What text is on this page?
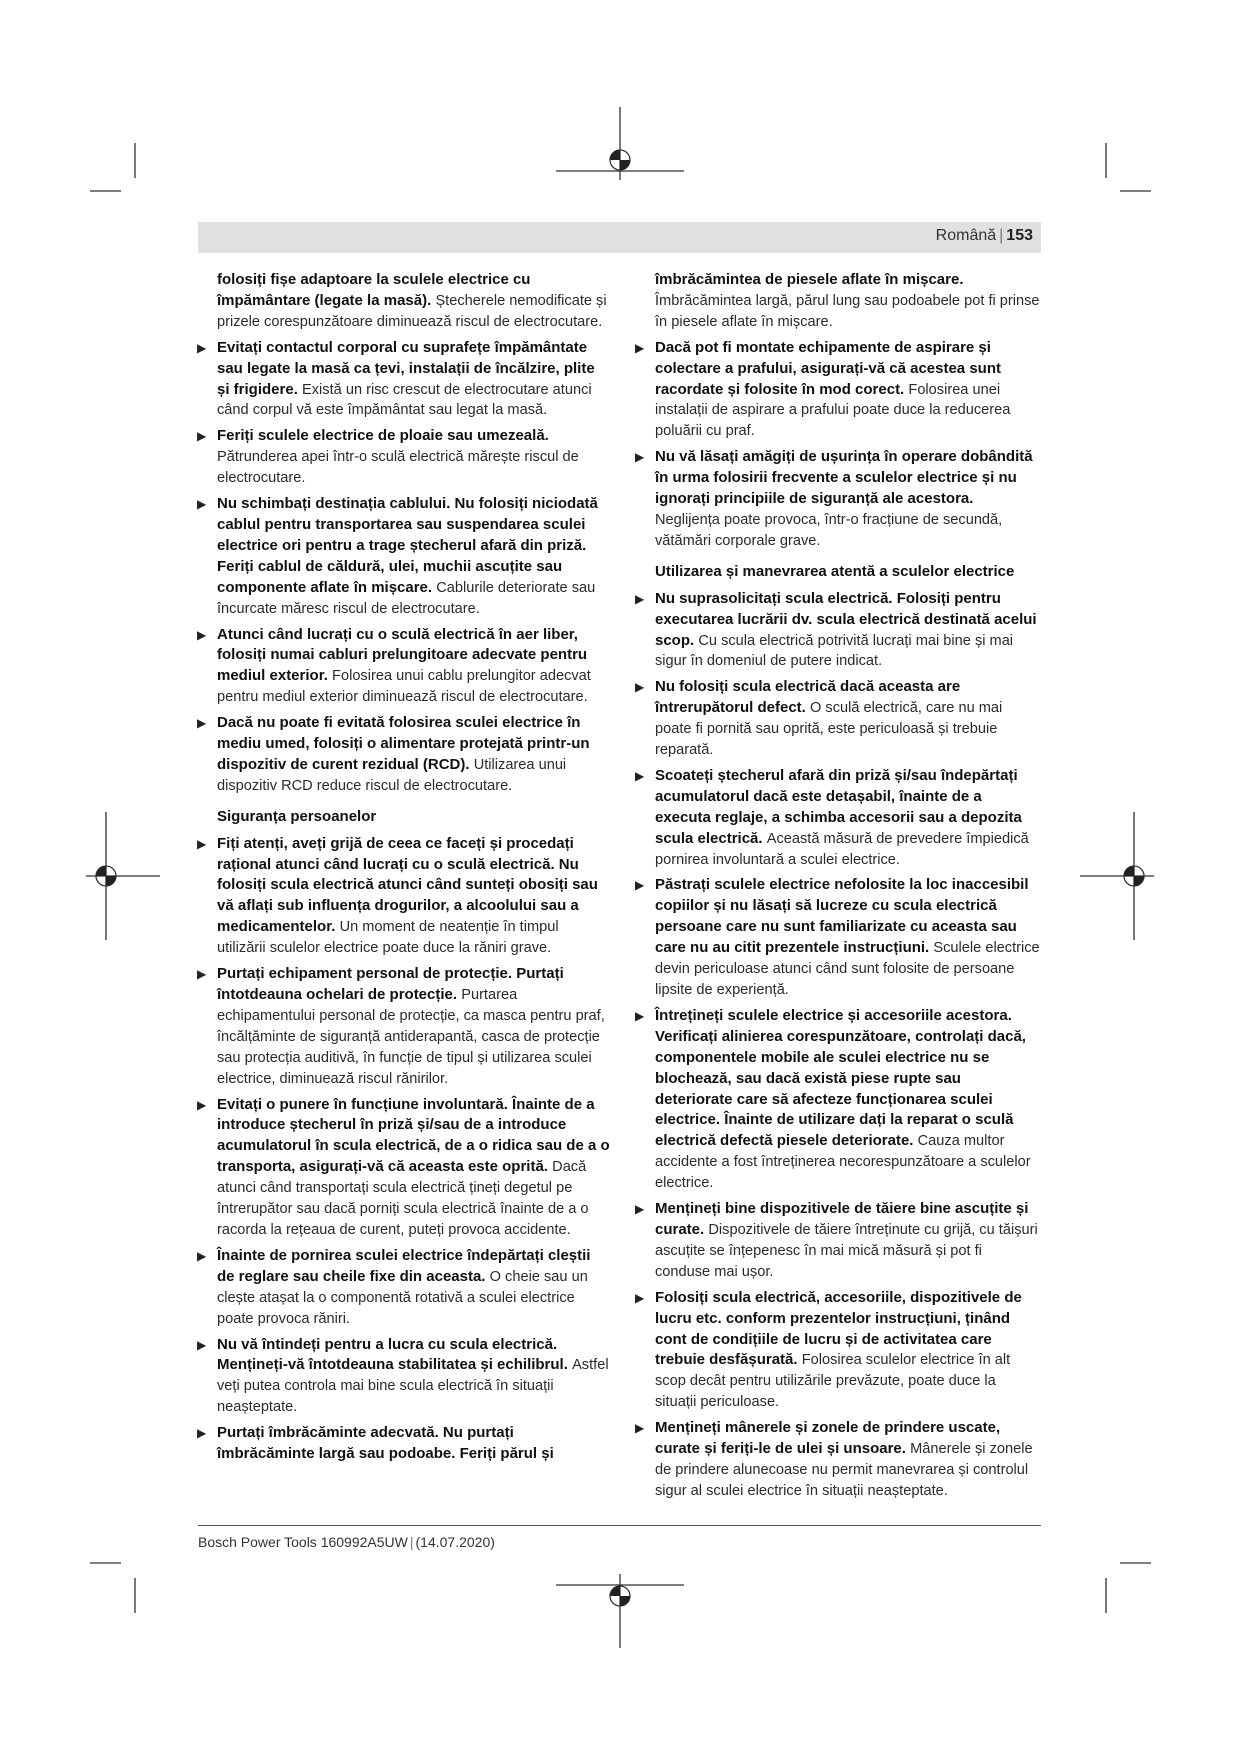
Română | 153
folosiți fișe adaptoare la sculele electrice cu împământare (legate la masă). Ștecherele nemodificate și prizele corespunzătoare diminuează riscul de electrocutare.
▶ Evitați contactul corporal cu suprafețe împământate sau legate la masă ca țevi, instalații de încălzire, plite și frigidere. Există un risc crescut de electrocutare atunci când corpul vă este împământat sau legat la masă.
▶ Feriți sculele electrice de ploaie sau umezeală. Pătrunderea apei într-o sculă electrică mărește riscul de electrocutare.
▶ Nu schimbați destinația cablului. Nu folosiți niciodată cablul pentru transportarea sau suspendarea sculei electrice ori pentru a trage ștecherul afară din priză. Feriți cablul de căldură, ulei, muchii ascuțite sau componente aflate în mișcare. Cablurile deteriorate sau încurcate măresc riscul de electrocutare.
▶ Atunci când lucrați cu o sculă electrică în aer liber, folosiți numai cabluri prelungitoare adecvate pentru mediul exterior. Folosirea unui cablu prelungitor adecvat pentru mediul exterior diminuează riscul de electrocutare.
▶ Dacă nu poate fi evitată folosirea sculei electrice în mediu umed, folosiți o alimentare protejată printr-un dispozitiv de curent rezidual (RCD). Utilizarea unui dispozitiv RCD reduce riscul de electrocutare.
Siguranța persoanelor
▶ Fiți atenți, aveți grijă de ceea ce faceți și procedați rațional atunci când lucrați cu o sculă electrică. Nu folosiți scula electrică atunci când sunteți obosiți sau vă aflați sub influența drogurilor, a alcoolului sau a medicamentelor. Un moment de neatenție în timpul utilizării sculelor electrice poate duce la răniri grave.
▶ Purtați echipament personal de protecție. Purtați întotdeauna ochelari de protecție. Purtarea echipamentului personal de protecție, ca masca pentru praf, încălțăminte de siguranță antiderapantă, casca de protecție sau protecția auditivă, în funcție de tipul și utilizarea sculei electrice, diminuează riscul rănirilor.
▶ Evitați o punere în funcțiune involuntară. Înainte de a introduce ștecherul în priză și/sau de a introduce acumulatorul în scula electrică, de a o ridica sau de a o transporta, asigurați-vă că aceasta este oprită. Dacă atunci când transportați scula electrică țineți degetul pe întrerupător sau dacă porniți scula electrică înainte de a o racorda la rețeaua de curent, puteți provoca accidente.
▶ Înainte de pornirea sculei electrice îndepărtați cleștii de reglare sau cheile fixe din aceasta. O cheie sau un clește atașat la o componentă rotativă a sculei electrice poate provoca răniri.
▶ Nu vă întindeți pentru a lucra cu scula electrică. Mențineți-vă întotdeauna stabilitatea și echilibrul. Astfel veți putea controla mai bine scula electrică în situații neașteptate.
▶ Purtați îmbrăcăminte adecvată. Nu purtați îmbrăcăminte largă sau podoabe. Feriți părul și
îmbrăcămintea de piesele aflate în mișcare. Îmbrăcămintea largă, părul lung sau podoabele pot fi prinse în piesele aflate în mișcare.
▶ Dacă pot fi montate echipamente de aspirare și colectare a prafului, asigurați-vă că acestea sunt racordate și folosite în mod corect. Folosirea unei instalații de aspirare a prafului poate duce la reducerea poluării cu praf.
▶ Nu vă lăsați amăgiți de ușurința în operare dobândită în urma folosirii frecvente a sculelor electrice și nu ignorați principiile de siguranță ale acestora. Neglijența poate provoca, într-o fracțiune de secundă, vătămări corporale grave.
Utilizarea și manevrarea atentă a sculelor electrice
▶ Nu suprasolicitați scula electrică. Folosiți pentru executarea lucrării dv. scula electrică destinată acelui scop. Cu scula electrică potrivită lucrați mai bine și mai sigur în domeniul de putere indicat.
▶ Nu folosiți scula electrică dacă aceasta are întrerupătorul defect. O sculă electrică, care nu mai poate fi pornită sau oprită, este periculoasă și trebuie reparată.
▶ Scoateți ștecherul afară din priză și/sau îndepărtați acumulatorul dacă este detașabil, înainte de a executa reglaje, a schimba accesorii sau a depozita scula electrică. Această măsură de prevedere împiedică pornirea involuntară a sculei electrice.
▶ Păstrați sculele electrice nefolosite la loc inaccesibil copiilor și nu lăsați să lucreze cu scula electrică persoane care nu sunt familiarizate cu aceasta sau care nu au citit prezentele instrucțiuni. Sculele electrice devin periculoase atunci când sunt folosite de persoane lipsite de experiență.
▶ Întrețineți sculele electrice și accesoriile acestora. Verificați alinierea corespunzătoare, controlați dacă, componentele mobile ale sculei electrice nu se blochează, sau dacă există piese rupte sau deteriorate care să afecteze funcționarea sculei electrice. Înainte de utilizare dați la reparat o sculă electrică defectă piesele deteriorate. Cauza multor accidente a fost întreținerea necorespunzătoare a sculelor electrice.
▶ Mențineți bine dispozitivele de tăiere bine ascuțite și curate. Dispozitivele de tăiere întreținute cu grijă, cu tăișuri ascuțite se înțepenesc în mai mică măsură și pot fi conduse mai ușor.
▶ Folosiți scula electrică, accesoriile, dispozitivele de lucru etc. conform prezentelor instrucțiuni, ținând cont de condițiile de lucru și de activitatea care trebuie desfășurată. Folosirea sculelor electrice în alt scop decât pentru utilizările prevăzute, poate duce la situații periculoase.
▶ Mențineți mânerele și zonele de prindere uscate, curate și feriți-le de ulei și unsoare. Mânerele și zonele de prindere alunecoase nu permit manevrarea și controlul sigur al sculei electrice în situații neașteptate.
Bosch Power Tools 160992A5UW | (14.07.2020)
